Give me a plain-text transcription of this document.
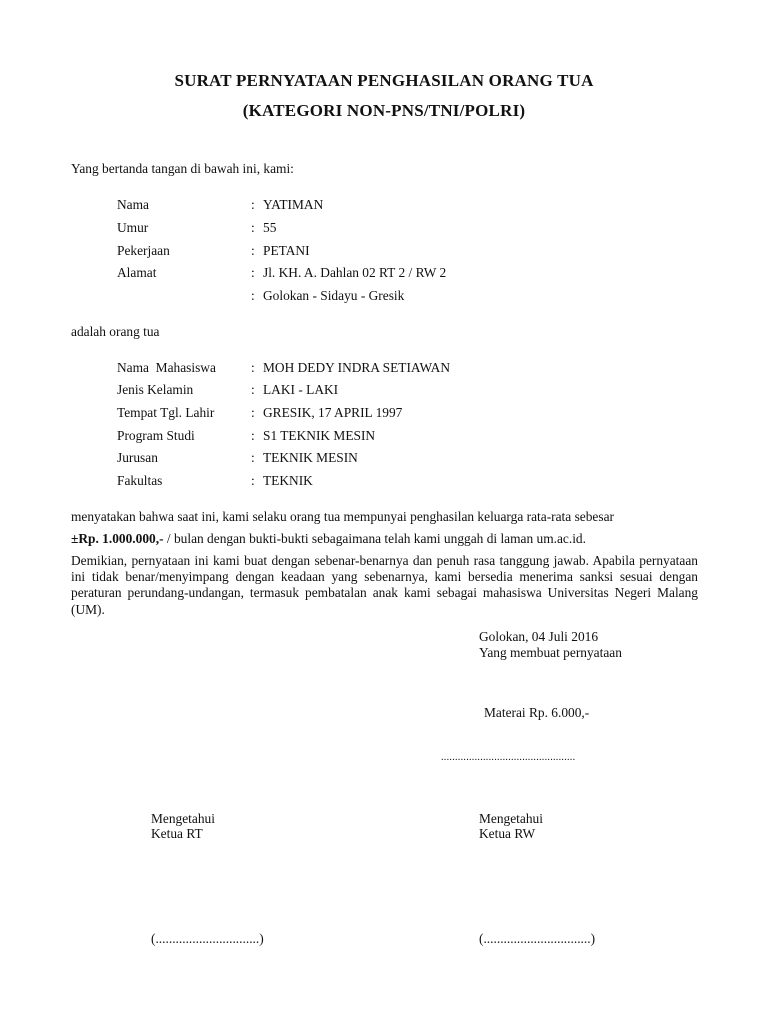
SURAT PERNYATAAN PENGHASILAN ORANG TUA
(KATEGORI NON-PNS/TNI/POLRI)
Yang bertanda tangan di bawah ini, kami:
Nama	: YATIMAN
Umur	: 55
Pekerjaan	: PETANI
Alamat	: Jl. KH. A. Dahlan 02 RT 2 / RW 2
: Golokan - Sidayu - Gresik
adalah orang tua
Nama  Mahasiswa	: MOH DEDY INDRA SETIAWAN
Jenis Kelamin	: LAKI - LAKI
Tempat Tgl. Lahir	: GRESIK, 17 APRIL 1997
Program Studi	: S1 TEKNIK MESIN
Jurusan	: TEKNIK MESIN
Fakultas	: TEKNIK
menyatakan bahwa saat ini, kami selaku orang tua mempunyai penghasilan keluarga rata-rata sebesar
±Rp. 1.000.000,- / bulan dengan bukti-bukti sebagaimana telah kami unggah di laman um.ac.id.

Demikian, pernyataan ini kami buat dengan sebenar-benarnya dan penuh rasa tanggung jawab. Apabila pernyataan ini tidak benar/menyimpang dengan keadaan yang sebenarnya, kami bersedia menerima sanksi sesuai dengan peraturan perundang-undangan, termasuk pembatalan anak kami sebagai mahasiswa Universitas Negeri Malang (UM).

Golokan, 04 Juli 2016
Yang membuat pernyataan
Materai Rp. 6.000,-
................................................
Mengetahui
Ketua RT
Mengetahui
Ketua RW
(...............................)	(................................)
